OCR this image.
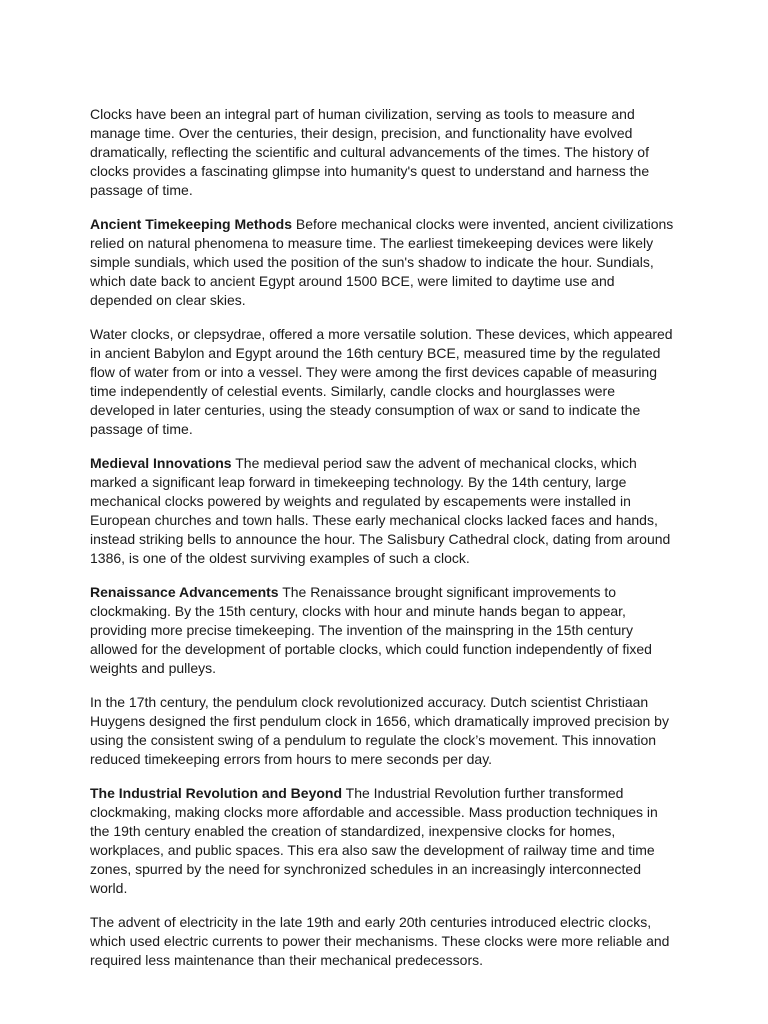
Clocks have been an integral part of human civilization, serving as tools to measure and manage time. Over the centuries, their design, precision, and functionality have evolved dramatically, reflecting the scientific and cultural advancements of the times. The history of clocks provides a fascinating glimpse into humanity's quest to understand and harness the passage of time.

Ancient Timekeeping Methods Before mechanical clocks were invented, ancient civilizations relied on natural phenomena to measure time. The earliest timekeeping devices were likely simple sundials, which used the position of the sun's shadow to indicate the hour. Sundials, which date back to ancient Egypt around 1500 BCE, were limited to daytime use and depended on clear skies.

Water clocks, or clepsydrae, offered a more versatile solution. These devices, which appeared in ancient Babylon and Egypt around the 16th century BCE, measured time by the regulated flow of water from or into a vessel. They were among the first devices capable of measuring time independently of celestial events. Similarly, candle clocks and hourglasses were developed in later centuries, using the steady consumption of wax or sand to indicate the passage of time.

Medieval Innovations The medieval period saw the advent of mechanical clocks, which marked a significant leap forward in timekeeping technology. By the 14th century, large mechanical clocks powered by weights and regulated by escapements were installed in European churches and town halls. These early mechanical clocks lacked faces and hands, instead striking bells to announce the hour. The Salisbury Cathedral clock, dating from around 1386, is one of the oldest surviving examples of such a clock.

Renaissance Advancements The Renaissance brought significant improvements to clockmaking. By the 15th century, clocks with hour and minute hands began to appear, providing more precise timekeeping. The invention of the mainspring in the 15th century allowed for the development of portable clocks, which could function independently of fixed weights and pulleys.

In the 17th century, the pendulum clock revolutionized accuracy. Dutch scientist Christiaan Huygens designed the first pendulum clock in 1656, which dramatically improved precision by using the consistent swing of a pendulum to regulate the clock’s movement. This innovation reduced timekeeping errors from hours to mere seconds per day.

The Industrial Revolution and Beyond The Industrial Revolution further transformed clockmaking, making clocks more affordable and accessible. Mass production techniques in the 19th century enabled the creation of standardized, inexpensive clocks for homes, workplaces, and public spaces. This era also saw the development of railway time and time zones, spurred by the need for synchronized schedules in an increasingly interconnected world.

The advent of electricity in the late 19th and early 20th centuries introduced electric clocks, which used electric currents to power their mechanisms. These clocks were more reliable and required less maintenance than their mechanical predecessors.
